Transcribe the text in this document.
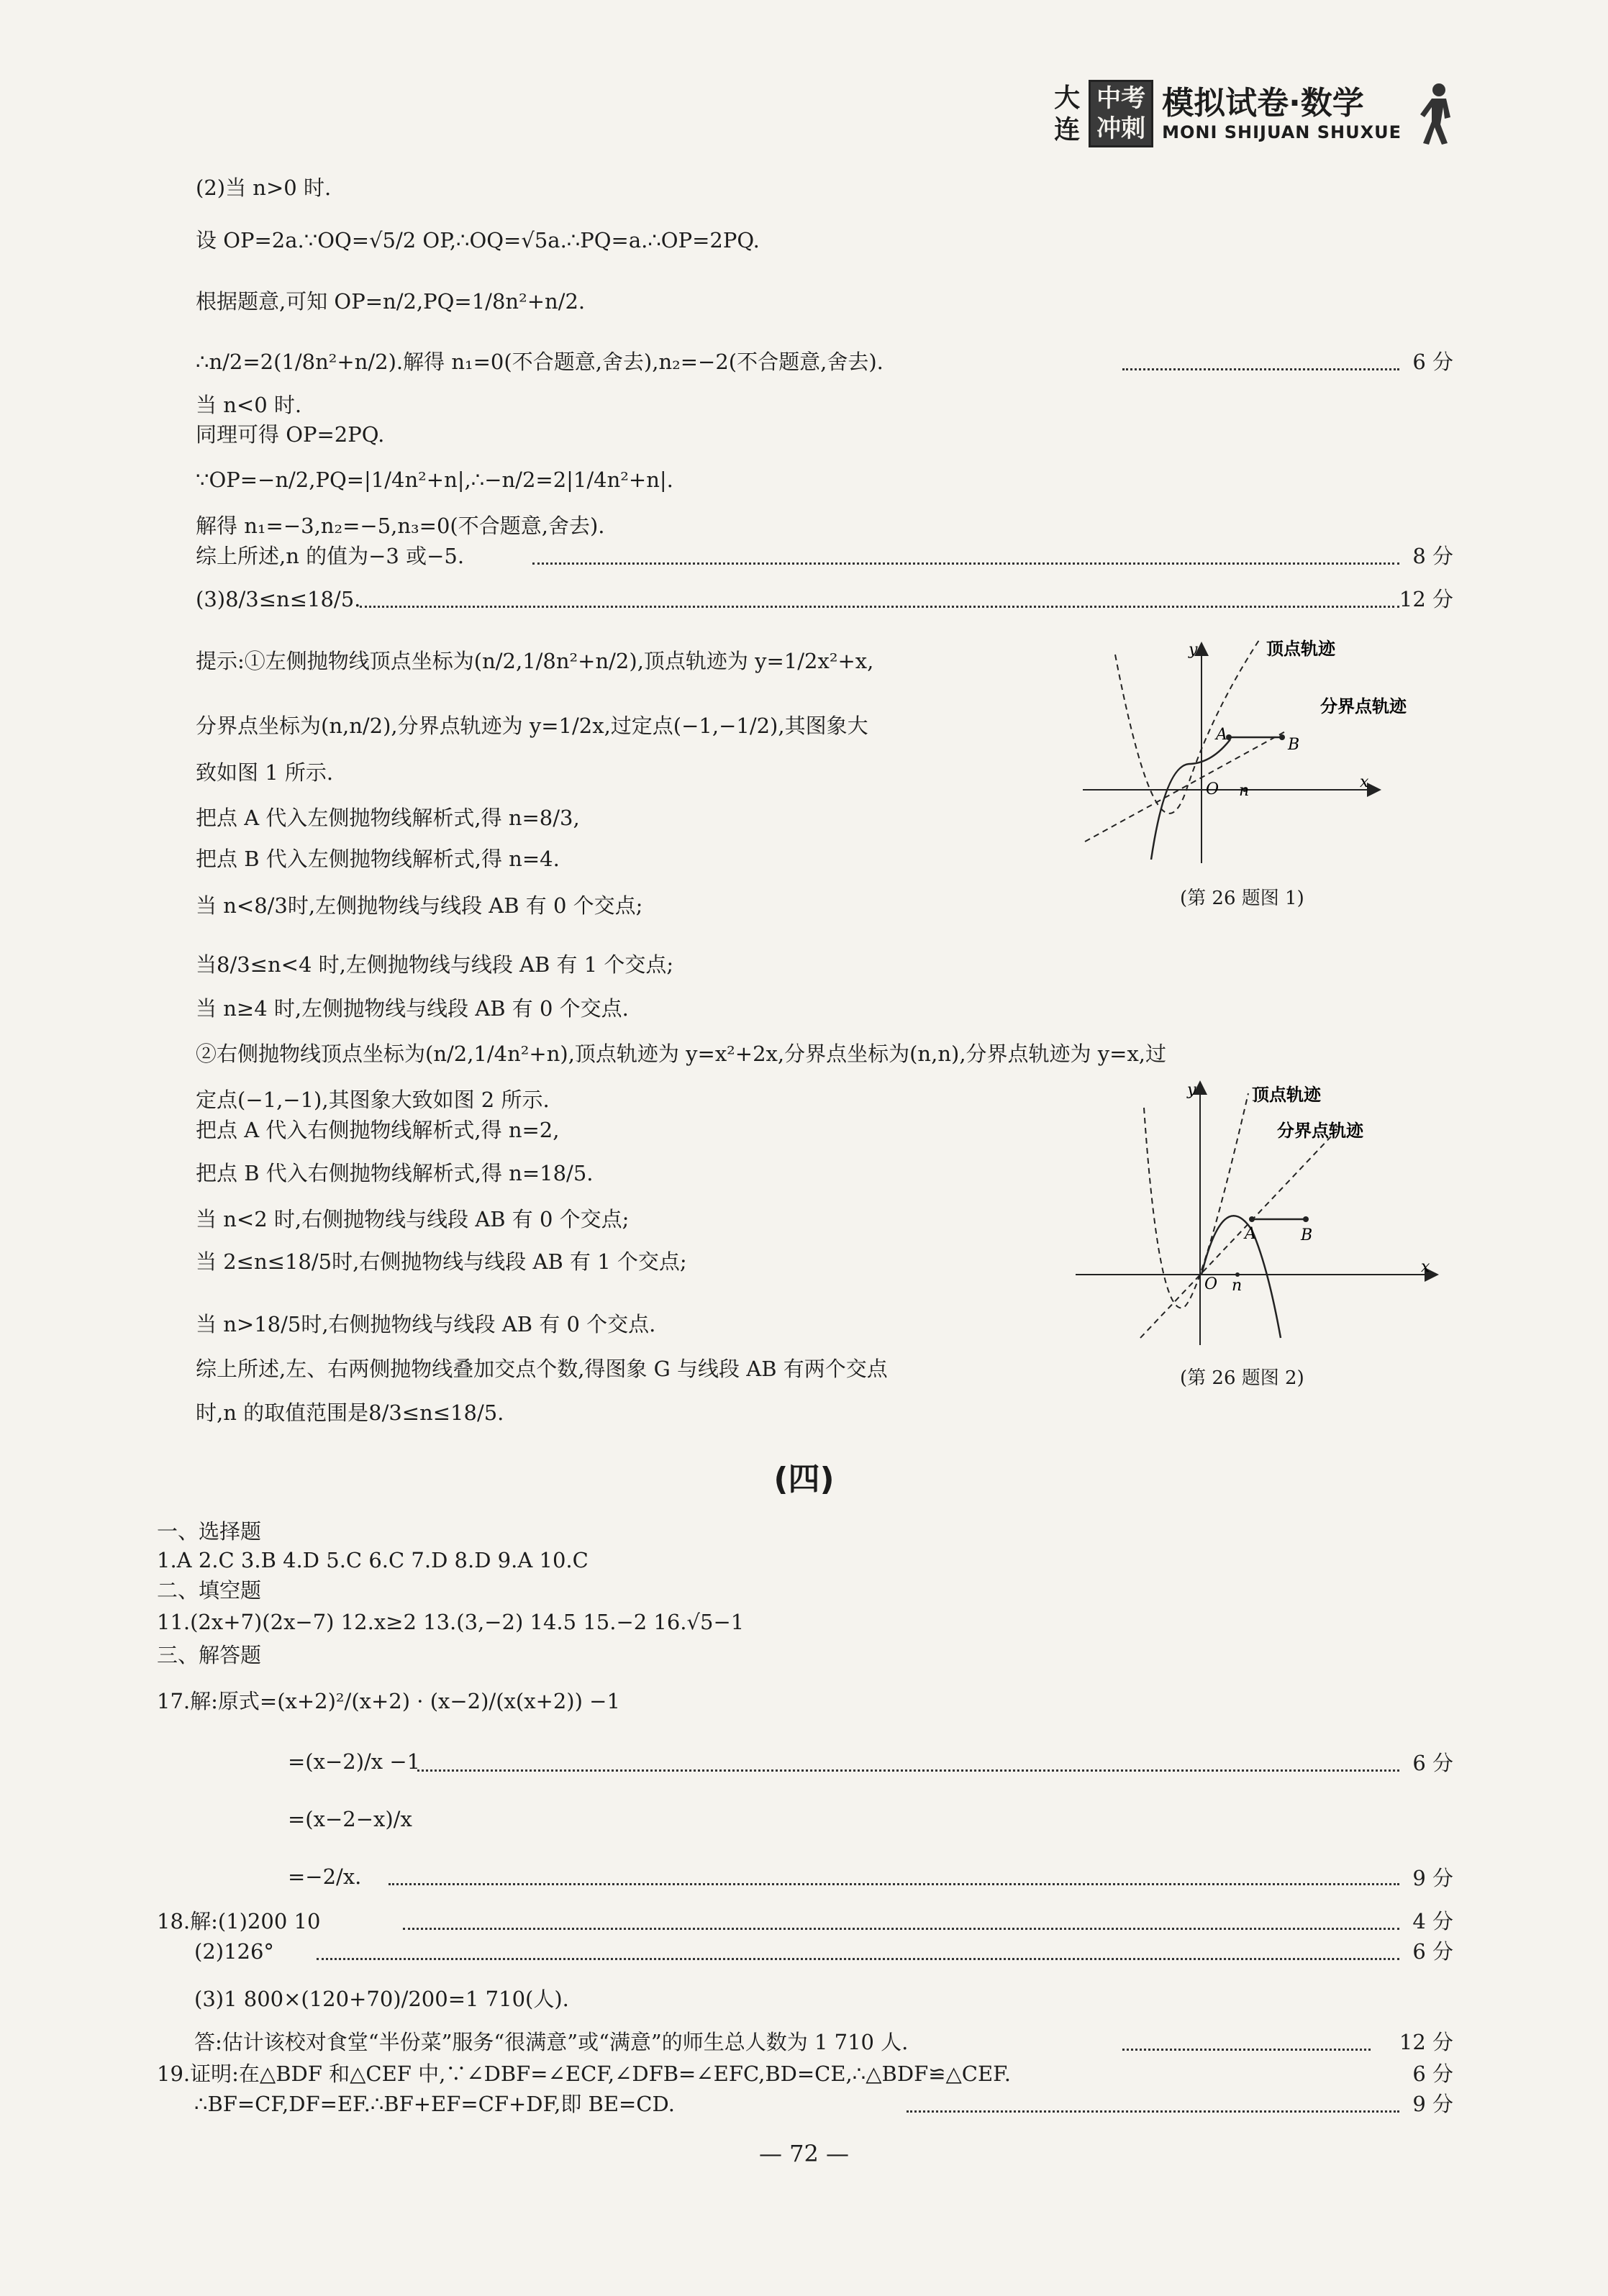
大
连
中考
冲刺
模拟试卷·数学
MONI SHIJUAN SHUXUE
(2)当 n>0 时.
设 OP=2a.∵OQ=√5/2 OP,∴OQ=√5a.∴PQ=a.∴OP=2PQ.
根据题意,可知 OP=n/2,PQ=1/8n²+n/2.
∴n/2=2(1/8n²+n/2).解得 n₁=0(不合题意,舍去),n₂=−2(不合题意,舍去).	6 分
当 n<0 时.
同理可得 OP=2PQ.
∵OP=−n/2,PQ=|1/4n²+n|,∴−n/2=2|1/4n²+n|.
解得 n₁=−3,n₂=−5,n₃=0(不合题意,舍去).
综上所述,n 的值为−3 或−5.	8 分
(3)8/3≤n≤18/5.	12 分
提示:①左侧抛物线顶点坐标为(n/2,1/8n²+n/2),顶点轨迹为 y=1/2x²+x,
分界点坐标为(n,n/2),分界点轨迹为 y=1/2x,过定点(−1,−1/2),其图象大
致如图 1 所示.
把点 A 代入左侧抛物线解析式,得 n=8/3,
把点 B 代入左侧抛物线解析式,得 n=4.
当 n<8/3时,左侧抛物线与线段 AB 有 0 个交点;
当8/3≤n<4 时,左侧抛物线与线段 AB 有 1 个交点;
当 n≥4 时,左侧抛物线与线段 AB 有 0 个交点.
②右侧抛物线顶点坐标为(n/2,1/4n²+n),顶点轨迹为 y=x²+2x,分界点坐标为(n,n),分界点轨迹为 y=x,过
定点(−1,−1),其图象大致如图 2 所示.
把点 A 代入右侧抛物线解析式,得 n=2,
把点 B 代入右侧抛物线解析式,得 n=18/5.
当 n<2 时,右侧抛物线与线段 AB 有 0 个交点;
当 2≤n≤18/5时,右侧抛物线与线段 AB 有 1 个交点;
当 n>18/5时,右侧抛物线与线段 AB 有 0 个交点.
综上所述,左、右两侧抛物线叠加交点个数,得图象 G 与线段 AB 有两个交点
时,n 的取值范围是8/3≤n≤18/5.
y
x
O n
A
B
顶点轨迹
分界点轨迹
(第 26 题图 1)
y
x
O n
A	B
顶点轨迹
分界点轨迹
(第 26 题图 2)
(四)
一、选择题
1.A 2.C 3.B 4.D 5.C 6.C 7.D 8.D 9.A 10.C
二、填空题
11.(2x+7)(2x−7) 12.x≥2 13.(3,−2) 14.5 15.−2 16.√5−1
三、解答题
17.解:原式=(x+2)²/(x+2) · (x−2)/(x(x+2)) −1
=(x−2)/x −1	6 分
=(x−2−x)/x
=−2/x.	9 分
18.解:(1)200 10	4 分
(2)126°	6 分
(3)1 800×(120+70)/200=1 710(人).
答:估计该校对食堂“半份菜”服务“很满意”或“满意”的师生总人数为 1 710 人.	12 分
19.证明:在△BDF 和△CEF 中,∵∠DBF=∠ECF,∠DFB=∠EFC,BD=CE,∴△BDF≌△CEF.	6 分
∴BF=CF,DF=EF.∴BF+EF=CF+DF,即 BE=CD.	9 分
— 72 —
